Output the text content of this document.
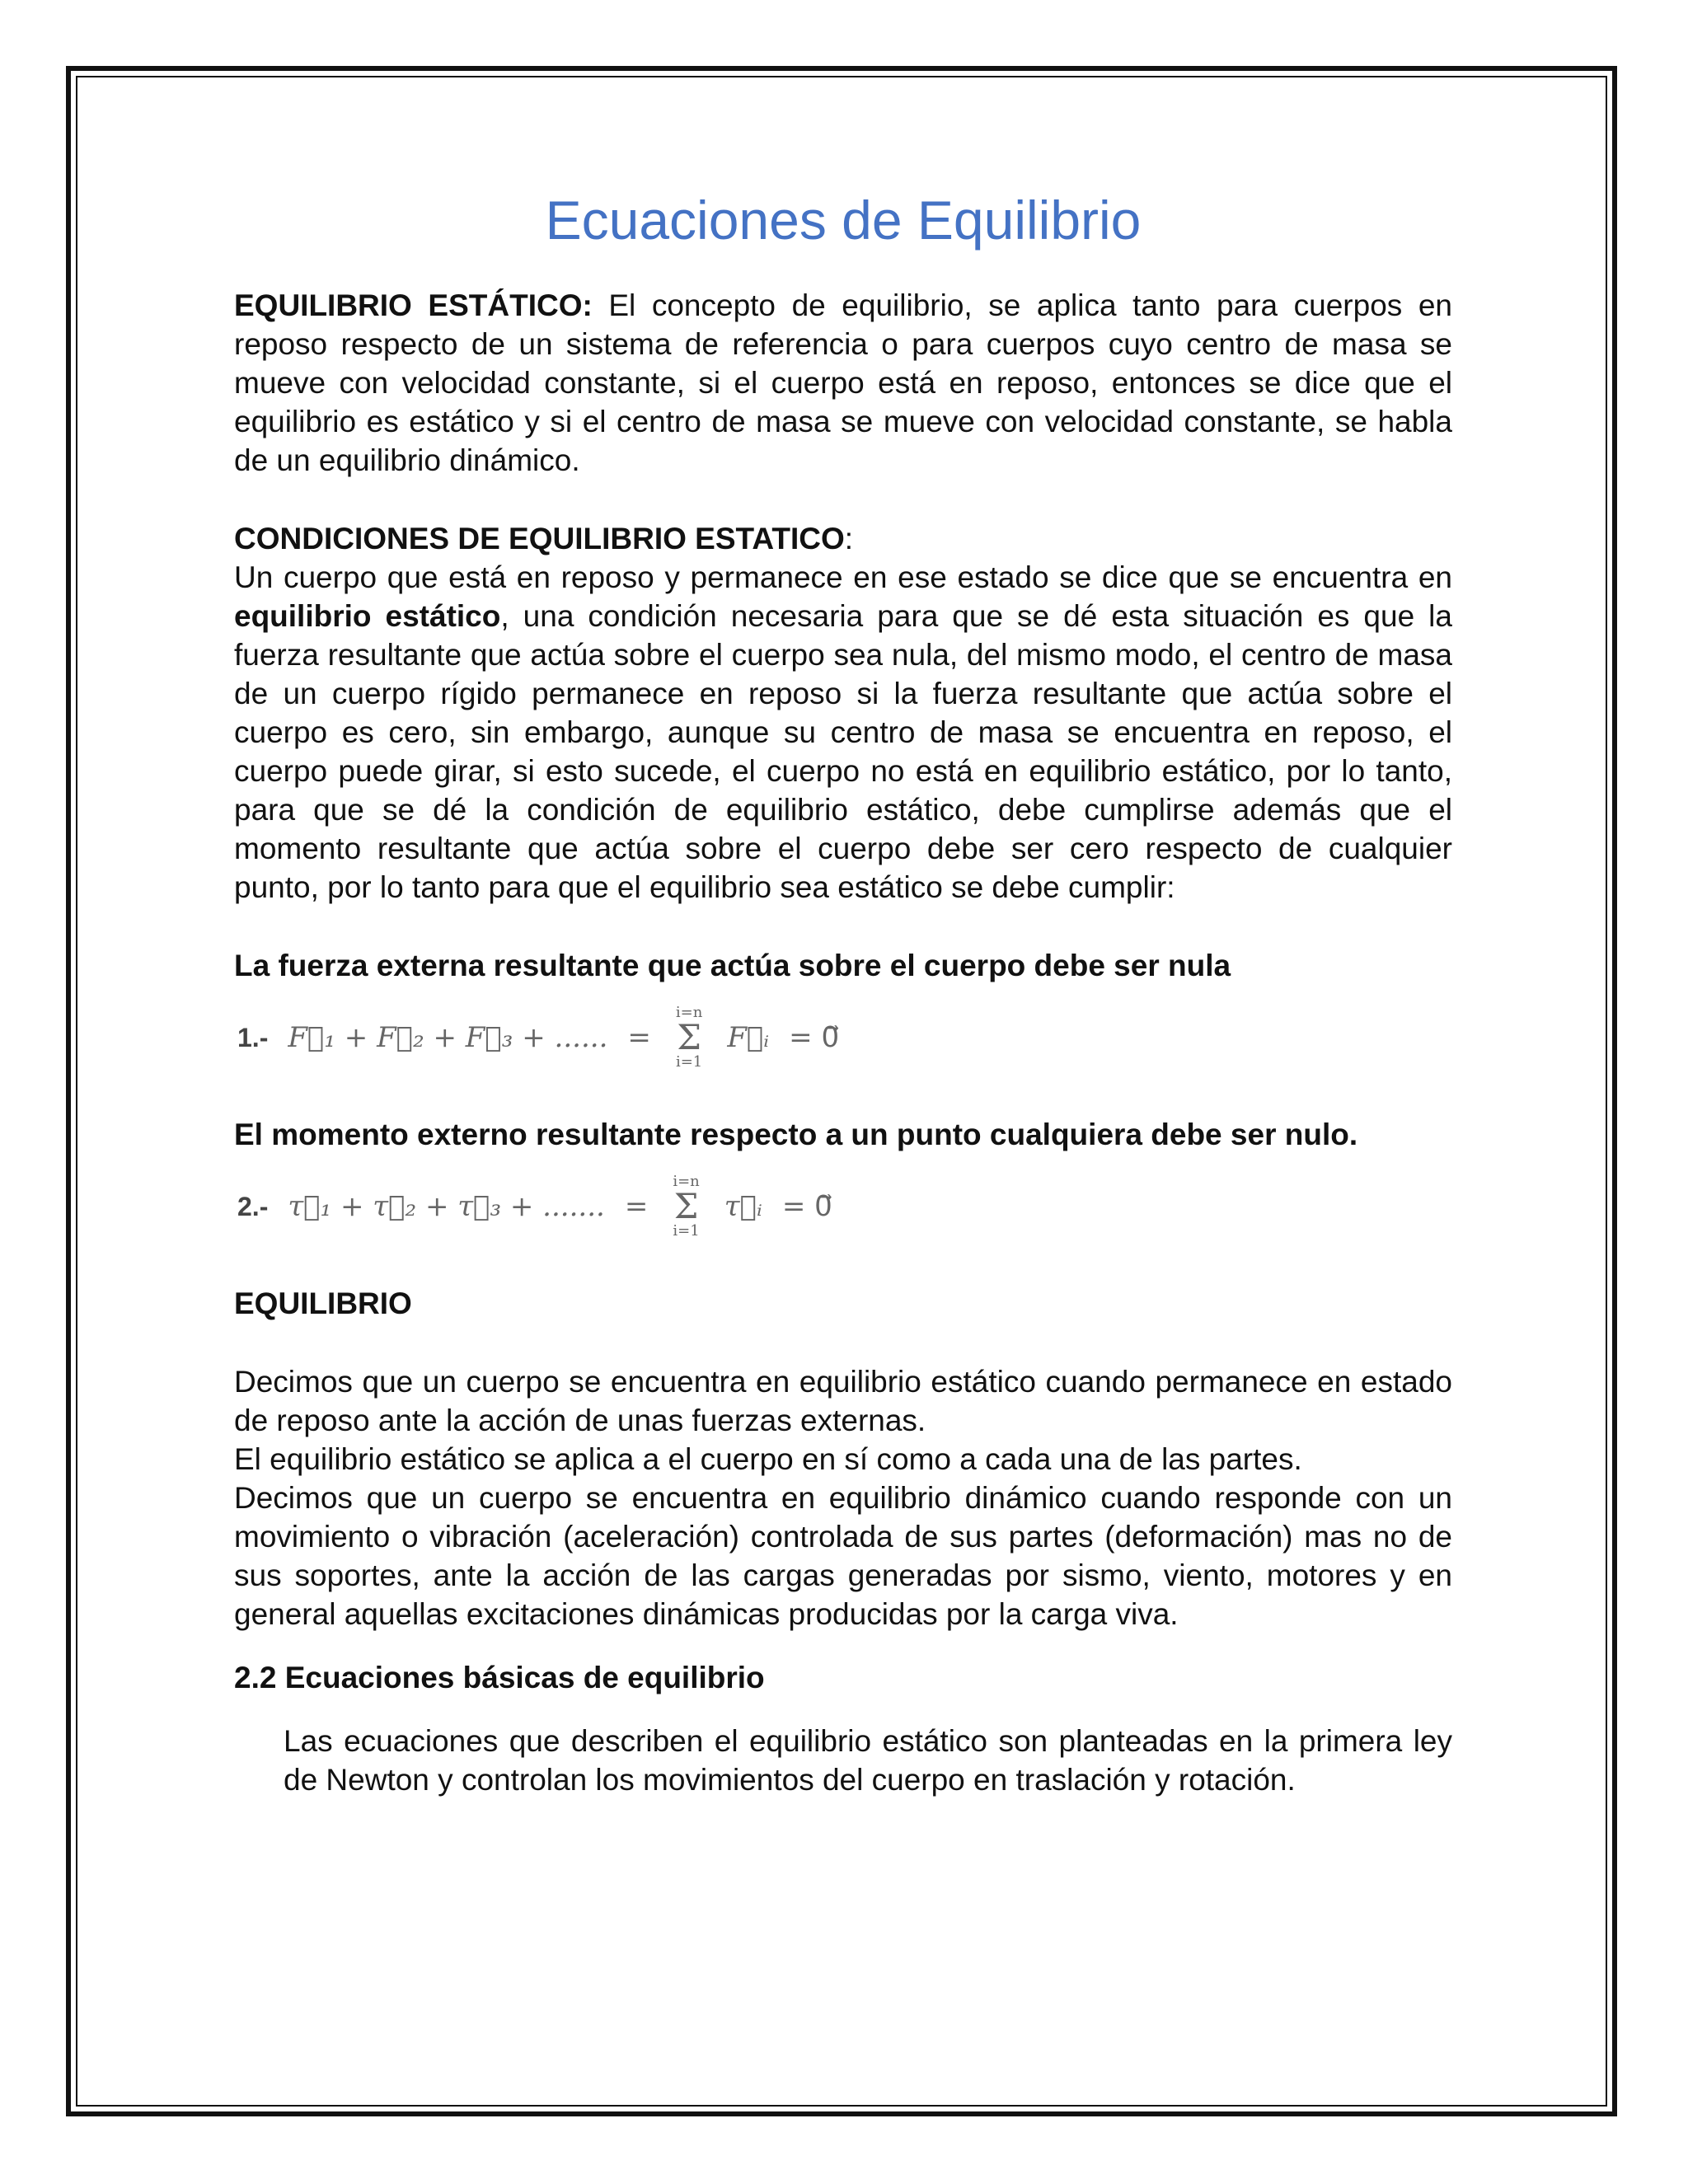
Ecuaciones de Equilibrio

EQUILIBRIO ESTÁTICO: El concepto de equilibrio, se aplica tanto para cuerpos en reposo respecto de un sistema de referencia o para cuerpos cuyo centro de masa se mueve con velocidad constante, si el cuerpo está en reposo, entonces se dice que el equilibrio es estático y si el centro de masa se mueve con velocidad constante, se habla de un equilibrio dinámico.

CONDICIONES DE EQUILIBRIO ESTATICO:

Un cuerpo que está en reposo y permanece en ese estado se dice que se encuentra en equilibrio estático, una condición necesaria para que se dé esta situación es que la fuerza resultante que actúa sobre el cuerpo sea nula, del mismo modo, el centro de masa de un cuerpo rígido permanece en reposo si la fuerza resultante que actúa sobre el cuerpo es cero, sin embargo, aunque su centro de masa se encuentra en reposo, el cuerpo puede girar, si esto sucede, el cuerpo no está en equilibrio estático, por lo tanto, para que se dé la condición de equilibrio estático, debe cumplirse además que el momento resultante que actúa sobre el cuerpo debe ser cero respecto de cualquier punto, por lo tanto para que el equilibrio sea estático se debe cumplir:

La fuerza externa resultante que actúa sobre el cuerpo debe ser nula

1.- F⃗₁ + F⃗₂ + F⃗₃ + ...... =
i=n
Σ
i=1
F⃗ᵢ = 0⃗

El momento externo resultante respecto a un punto cualquiera debe ser nulo.

2.- τ⃗₁ + τ⃗₂ + τ⃗₃ + ....... =
i=n
Σ
i=1
τ⃗ᵢ = 0⃗

EQUILIBRIO

Decimos que un cuerpo se encuentra en equilibrio estático cuando permanece en estado de reposo ante la acción de unas fuerzas externas.

El equilibrio estático se aplica a el cuerpo en sí como a cada una de las partes.

Decimos que un cuerpo se encuentra en equilibrio dinámico cuando responde con un movimiento o vibración (aceleración) controlada de sus partes (deformación) mas no de sus soportes, ante la acción de las cargas generadas por sismo, viento, motores y en general aquellas excitaciones dinámicas producidas por la carga viva.

2.2 Ecuaciones básicas de equilibrio

Las ecuaciones que describen el equilibrio estático son planteadas en la primera ley de Newton y controlan los movimientos del cuerpo en traslación y rotación.
